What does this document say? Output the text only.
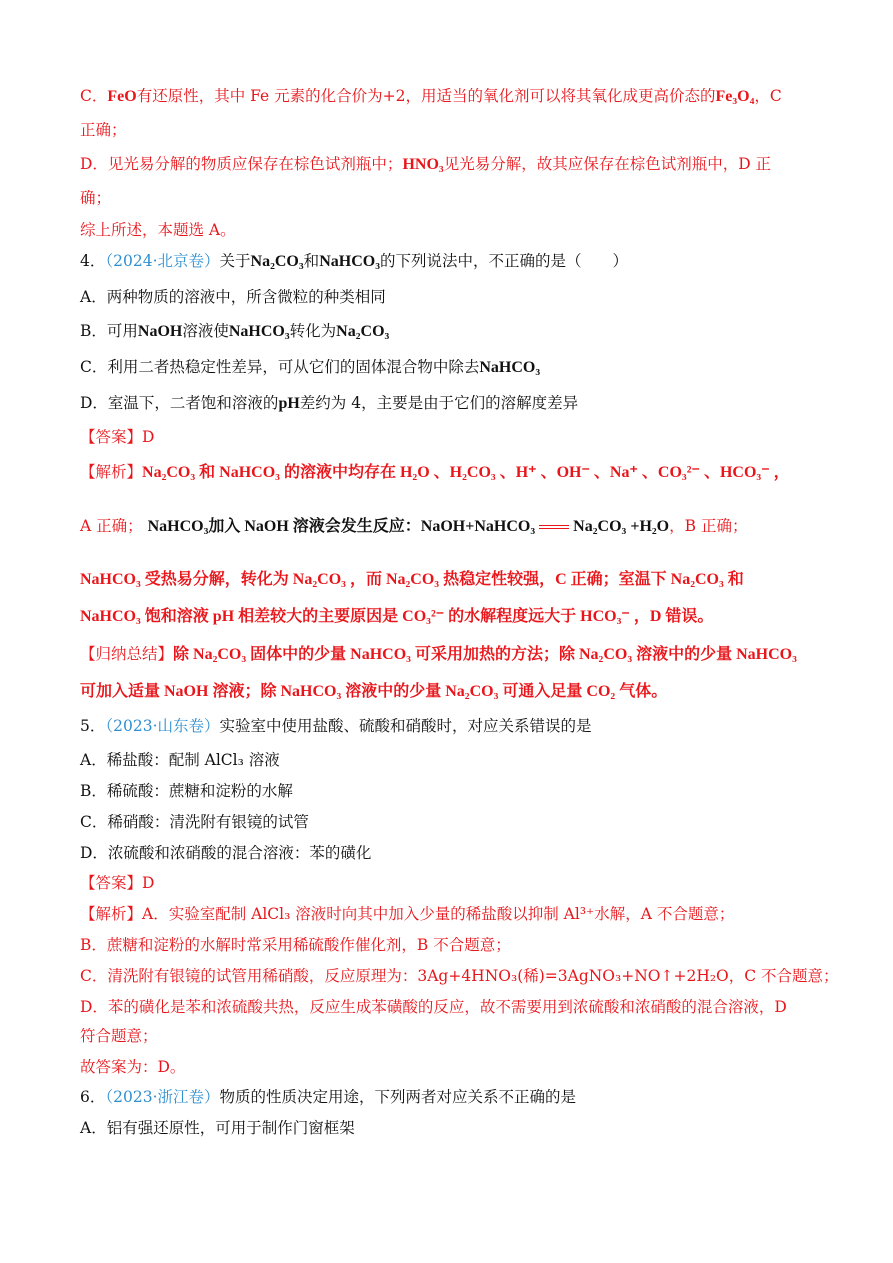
C．FeO有还原性，其中 Fe 元素的化合价为+2，用适当的氧化剂可以将其氧化成更高价态的Fe₃O₄，C
正确；
D．见光易分解的物质应保存在棕色试剂瓶中；HNO₃见光易分解，故其应保存在棕色试剂瓶中，D 正
确；
综上所述，本题选 A。
4．（2024·北京卷）关于Na₂CO₃和NaHCO₃的下列说法中，不正确的是（　　）
A．两种物质的溶液中，所含微粒的种类相同
B．可用NaOH溶液使NaHCO₃转化为Na₂CO₃
C．利用二者热稳定性差异，可从它们的固体混合物中除去NaHCO₃
D．室温下，二者饱和溶液的pH差约为 4，主要是由于它们的溶解度差异
【答案】D
【解析】Na₂CO₃ 和 NaHCO₃ 的溶液中均存在 H₂O 、H₂CO₃ 、H⁺ 、OH⁻ 、Na⁺ 、CO₃²⁻ 、HCO₃⁻ ，
A 正确； NaHCO₃加入 NaOH 溶液会发生反应：NaOH+NaHCO₃ Na₂CO₃ +H₂O，B 正确；
NaHCO₃ 受热易分解，转化为 Na₂CO₃ ，而 Na₂CO₃ 热稳定性较强，C 正确；室温下 Na₂CO₃ 和
NaHCO₃ 饱和溶液 pH 相差较大的主要原因是 CO₃²⁻ 的水解程度远大于 HCO₃⁻ ，D 错误。
【归纳总结】除 Na₂CO₃ 固体中的少量 NaHCO₃ 可采用加热的方法；除 Na₂CO₃ 溶液中的少量 NaHCO₃
可加入适量 NaOH 溶液；除 NaHCO₃ 溶液中的少量 Na₂CO₃ 可通入足量 CO₂ 气体。
5．（2023·山东卷）实验室中使用盐酸、硫酸和硝酸时，对应关系错误的是
A．稀盐酸：配制 AlCl₃ 溶液
B．稀硫酸：蔗糖和淀粉的水解
C．稀硝酸：清洗附有银镜的试管
D．浓硫酸和浓硝酸的混合溶液：苯的磺化
【答案】D
【解析】A．实验室配制 AlCl₃ 溶液时向其中加入少量的稀盐酸以抑制 Al³⁺水解，A 不合题意；
B．蔗糖和淀粉的水解时常采用稀硫酸作催化剂，B 不合题意；
C．清洗附有银镜的试管用稀硝酸，反应原理为：3Ag+4HNO₃(稀)=3AgNO₃+NO↑+2H₂O，C 不合题意；
D．苯的磺化是苯和浓硫酸共热，反应生成苯磺酸的反应，故不需要用到浓硫酸和浓硝酸的混合溶液，D
符合题意；
故答案为：D。
6．（2023·浙江卷）物质的性质决定用途，下列两者对应关系不正确的是
A．铝有强还原性，可用于制作门窗框架
